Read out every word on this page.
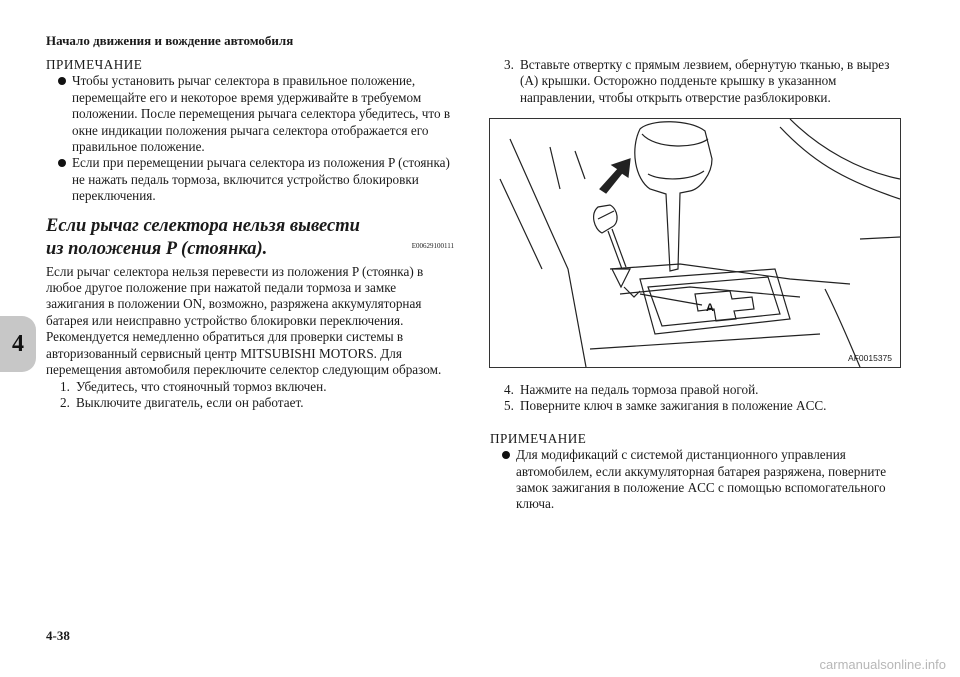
Начало движения и вождение автомобиля
4
ПРИМЕЧАНИЕ
Чтобы установить рычаг селектора в правильное положение, перемещайте его и некоторое время удерживайте в требуемом положении. После перемещения рычага селектора убедитесь, что в окне индикации положения рычага селектора отображается его правильное положение.
Если при перемещении рычага селектора из положения P (стоянка) не нажать педаль тормоза, включится устройство блокировки переключения.
Если рычаг селектора нельзя вывести
из положения P (стоянка).	E00629100111
Если рычаг селектора нельзя перевести из положения P (стоянка) в любое другое положение при нажатой педали тормоза и замке зажигания в положении ON, возможно, разряжена аккумуляторная батарея или неисправно устройство блокировки переключения. Рекомендуется немедленно обратиться для проверки системы в авторизованный сервисный центр MITSUBISHI MOTORS. Для перемещения автомобиля переключите селектор следующим образом.
1. Убедитесь, что стояночный тормоз включен.
2. Выключите двигатель, если он работает.
3. Вставьте отвертку с прямым лезвием, обернутую тканью, в вырез (A) крышки. Осторожно подденьте крышку в указанном направлении, чтобы открыть отверстие разблокировки.
A
AF0015375
4. Нажмите на педаль тормоза правой ногой.
5. Поверните ключ в замке зажигания в положение ACC.
ПРИМЕЧАНИЕ
Для модификаций с системой дистанционного управления автомобилем, если аккумуляторная батарея разряжена, поверните замок зажигания в положение ACC с помощью вспомогательного ключа.
4-38
carmanualsonline.info
